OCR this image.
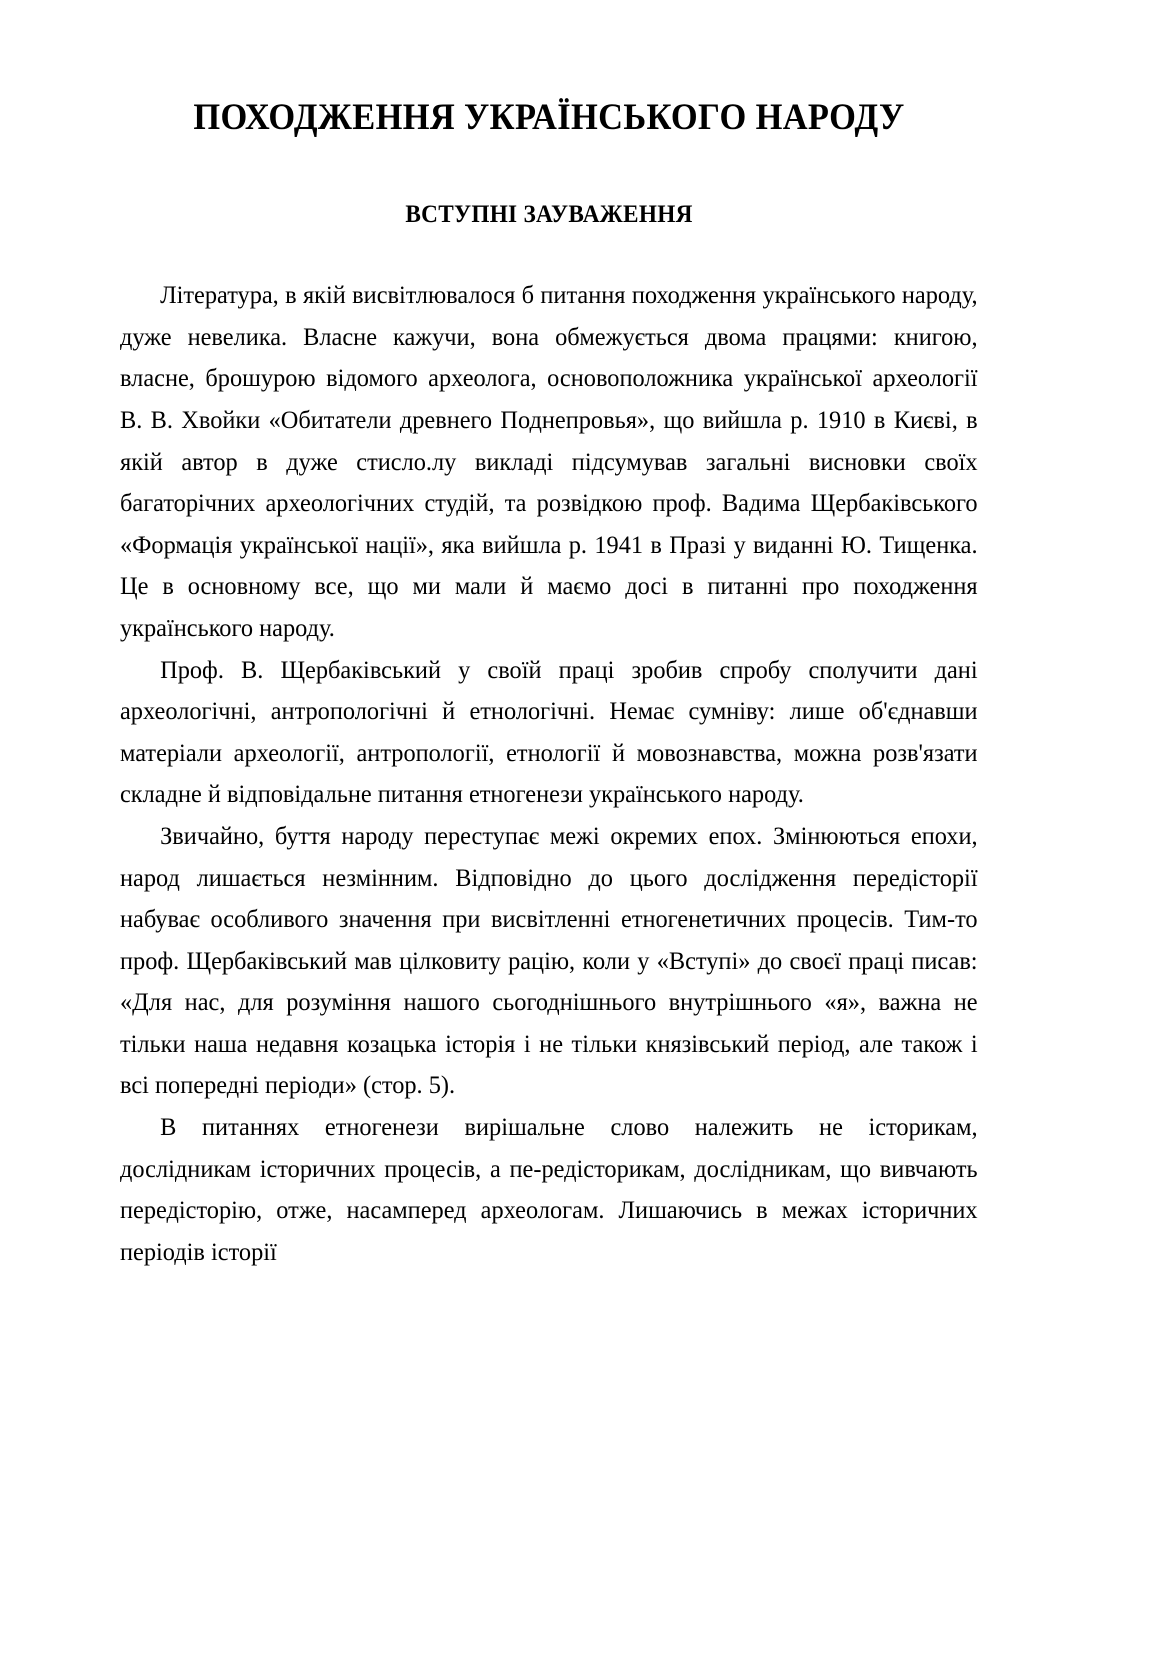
ПОХОДЖЕННЯ УКРАЇНСЬКОГО НАРОДУ
ВСТУПНІ ЗАУВАЖЕННЯ

Література, в якій висвітлювалося б питання походження українського народу, дуже невелика. Власне кажучи, вона обмежується двома працями: книгою, власне, брошурою відомого археолога, основоположника української археології В. В. Хвойки «Обитатели древнего Поднепровья», що вийшла р. 1910 в Києві, в якій автор в дуже стисло.лу викладі підсумував загальні висновки своїх багаторічних археологічних студій, та розвідкою проф. Вадима Щербаківського «Формація української нації», яка вийшла р. 1941 в Празі у виданні Ю. Тищенка. Це в основному все, що ми мали й маємо досі в питанні про походження українського народу.

Проф. В. Щербаківський у своїй праці зробив спробу сполучити дані археологічні, антропологічні й етнологічні. Немає сумніву: лише об'єднавши матеріали археології, антропології, етнології й мовознавства, можна розв'язати складне й відповідальне питання етногенези українського народу.

Звичайно, буття народу переступає межі окремих епох. Змінюються епохи, народ лишається незмінним. Відповідно до цього дослідження передісторії набуває особливого значення при висвітленні етногенетичних процесів. Тим-то проф. Щербаківський мав цілковиту рацію, коли у «Вступі» до своєї праці писав: «Для нас, для розуміння нашого сьогоднішнього внутрішнього «я», важна не тільки наша недавня козацька історія і не тільки князівський період, але також і всі попередні періоди» (стор. 5).

В питаннях етногенези вирішальне слово належить не історикам, дослідникам історичних процесів, а пе-редісторикам, дослідникам, що вивчають передісторію, отже, насамперед археологам. Лишаючись в межах історичних періодів історії
